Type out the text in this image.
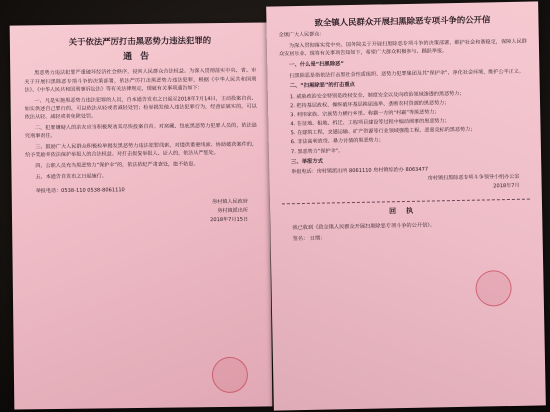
关于依法严厉打击黑恶势力违法犯罪的
通告

黑恶势力违法犯罪严重破坏经济社会秩序，侵害人民群众合法权益。为深入贯彻落实中央、省、市关于开展扫黑除恶专项斗争的决策部署，依法严厉打击黑恶势力违法犯罪，根据《中华人民共和国刑法》、《中华人民共和国刑事诉讼法》等有关法律规定，现就有关事项通告如下：

一、凡是实施黑恶势力违法犯罪的人员，自本通告发布之日起至2018年7月14日，主动投案自首、如实供述自己罪行的，可以依法从轻或者减轻处罚；检举揭发他人违法犯罪行为，经查证属实的，可以依法从轻、减轻或者免除处罚。

二、犯罪嫌疑人的亲友应当积极规劝其尽快投案自首。对窝藏、包庇黑恶势力犯罪人员的，依法追究刑事责任。

三、鼓励广大人民群众积极检举揭发黑恶势力违法犯罪线索，对提供重要线索、协助破获案件的，给予奖励并依法保护举报人的合法权益。对打击报复举报人、证人的，依法从严惩处。

四、公职人员充当黑恶势力“保护伞”的，依法依纪严肃查处，绝不姑息。

五、本通告自发布之日起施行。

举报电话：0538-110 0538-8061110
房村镇人民政府
房村镇派出所
2018年7月15日
致全镇人民群众开展扫黑除恶专项斗争的公开信

全镇广大人民群众：

为深入贯彻落实党中央、国务院关于开展扫黑除恶专项斗争的决策部署，维护社会和谐稳定，保障人民群众安居乐业，现将有关事项告知如下，希望广大群众积极参与、踊跃举报。

一、什么是“扫黑除恶”

扫黑除恶是指依法打击黑社会性质组织、恶势力犯罪集团及其“保护伞”，净化社会环境，维护公平正义。

二、“扫黑除恶”的打击重点
1. 威胁政治安全特别是政权安全、制度安全以及向政治领域渗透的黑恶势力；
2. 把持基层政权、操纵破坏基层换届选举、垄断农村资源的黑恶势力；
3. 利用家族、宗族势力横行乡里、称霸一方的“村霸”等黑恶势力；
4. 在征地、租地、拆迁、工程项目建设等过程中煽动闹事的黑恶势力；
5. 在建筑工程、交通运输、矿产资源等行业领域强揽工程、恶意竞标的黑恶势力；
6. 非法高利放贷、暴力讨债的黑恶势力；
7. 黑恶势力“保护伞”。
三、举报方式
举报电话：房村镇派出所 8061110 房村镇综治办 8063477
房村镇扫黑除恶专项斗争领导小组办公室
2018年7月
回执
我已收到《致全镇人民群众开展扫黑除恶专项斗争的公开信》。
签名： 日期：
